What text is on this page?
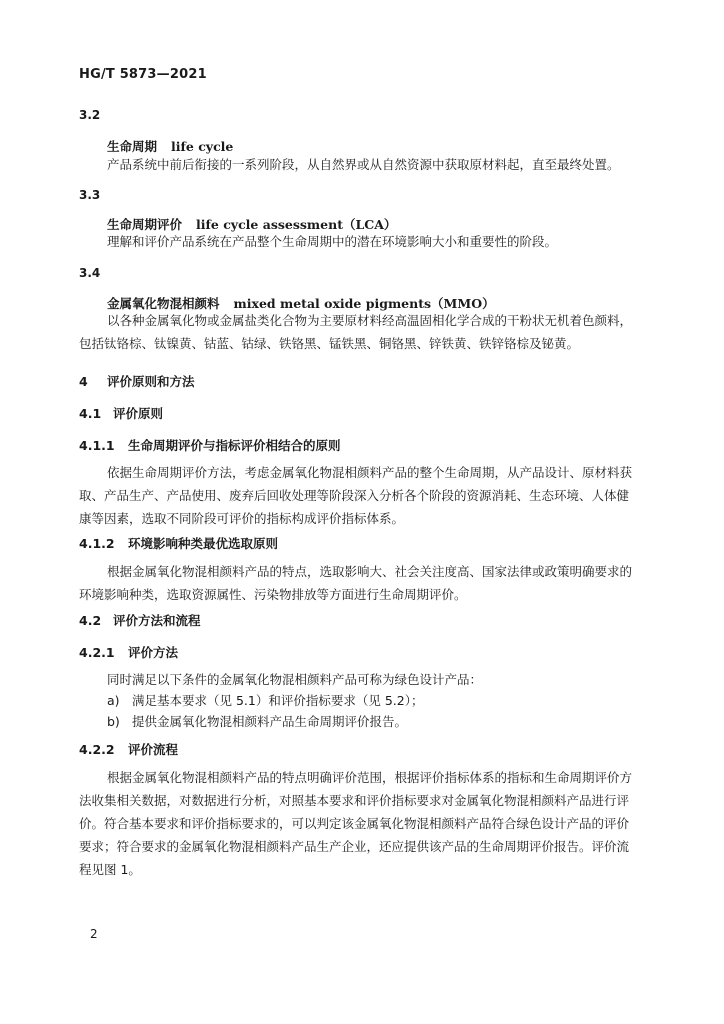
HG/T 5873—2021
3.2
生命周期 life cycle
产品系统中前后衔接的一系列阶段，从自然界或从自然资源中获取原材料起，直至最终处置。
3.3
生命周期评价 life cycle assessment（LCA）
理解和评价产品系统在产品整个生命周期中的潜在环境影响大小和重要性的阶段。
3.4
金属氧化物混相颜料 mixed metal oxide pigments（MMO）
以各种金属氧化物或金属盐类化合物为主要原材料经高温固相化学合成的干粉状无机着色颜料，
包括钛铬棕、钛镍黄、钴蓝、钴绿、铁铬黑、锰铁黑、铜铬黑、锌铁黄、铁锌铬棕及铋黄。
4 评价原则和方法
4.1 评价原则
4.1.1 生命周期评价与指标评价相结合的原则
依据生命周期评价方法，考虑金属氧化物混相颜料产品的整个生命周期，从产品设计、原材料获
取、产品生产、产品使用、废弃后回收处理等阶段深入分析各个阶段的资源消耗、生态环境、人体健
康等因素，选取不同阶段可评价的指标构成评价指标体系。
4.1.2 环境影响种类最优选取原则
根据金属氧化物混相颜料产品的特点，选取影响大、社会关注度高、国家法律或政策明确要求的
环境影响种类，选取资源属性、污染物排放等方面进行生命周期评价。
4.2 评价方法和流程
4.2.1 评价方法
同时满足以下条件的金属氧化物混相颜料产品可称为绿色设计产品：
a) 满足基本要求（见 5.1）和评价指标要求（见 5.2）；
b) 提供金属氧化物混相颜料产品生命周期评价报告。
4.2.2 评价流程
根据金属氧化物混相颜料产品的特点明确评价范围，根据评价指标体系的指标和生命周期评价方
法收集相关数据，对数据进行分析，对照基本要求和评价指标要求对金属氧化物混相颜料产品进行评
价。符合基本要求和评价指标要求的，可以判定该金属氧化物混相颜料产品符合绿色设计产品的评价
要求；符合要求的金属氧化物混相颜料产品生产企业，还应提供该产品的生命周期评价报告。评价流
程见图 1。
2
